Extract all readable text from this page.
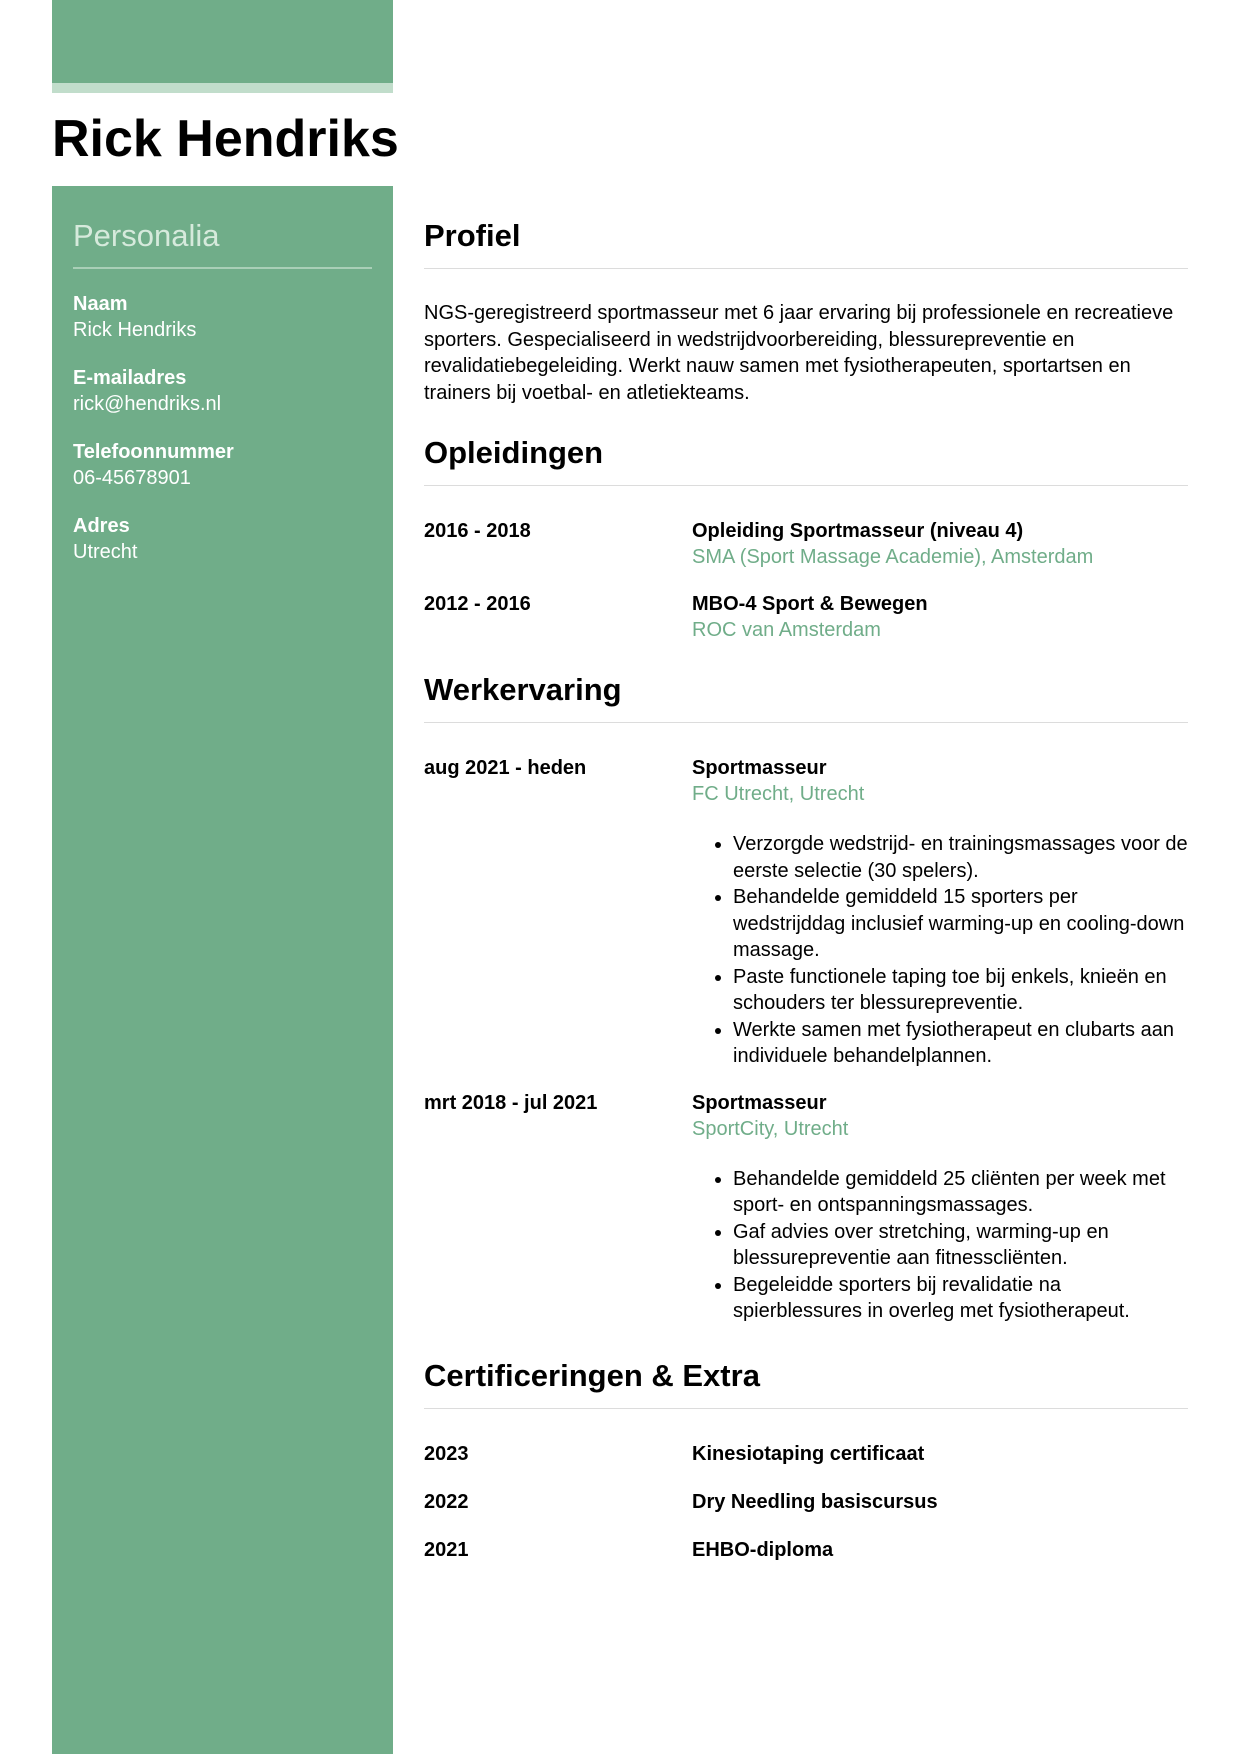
Rick Hendriks
Personalia
Naam
Rick Hendriks
E-mailadres
rick@hendriks.nl
Telefoonnummer
06-45678901
Adres
Utrecht
Profiel
NGS-geregistreerd sportmasseur met 6 jaar ervaring bij professionele en recreatieve sporters. Gespecialiseerd in wedstrijdvoorbereiding, blessurepreventie en revalidatiebegeleiding. Werkt nauw samen met fysiotherapeuten, sportartsen en trainers bij voetbal- en atletiekteams.
Opleidingen
2016 - 2018	Opleiding Sportmasseur (niveau 4)
SMA (Sport Massage Academie), Amsterdam
2012 - 2016	MBO-4 Sport & Bewegen
ROC van Amsterdam
Werkervaring
aug 2021 - heden	Sportmasseur
FC Utrecht, Utrecht
• Verzorgde wedstrijd- en trainingsmassages voor de eerste selectie (30 spelers).
• Behandelde gemiddeld 15 sporters per wedstrijddag inclusief warming-up en cooling-down massage.
• Paste functionele taping toe bij enkels, knieën en schouders ter blessurepreventie.
• Werkte samen met fysiotherapeut en clubarts aan individuele behandelplannen.
mrt 2018 - jul 2021	Sportmasseur
SportCity, Utrecht
• Behandelde gemiddeld 25 cliënten per week met sport- en ontspanningsmassages.
• Gaf advies over stretching, warming-up en blessurepreventie aan fitnesscliënten.
• Begeleidde sporters bij revalidatie na spierblessures in overleg met fysiotherapeut.
Certificeringen & Extra
2023	Kinesiotaping certificaat
2022	Dry Needling basiscursus
2021	EHBO-diploma
